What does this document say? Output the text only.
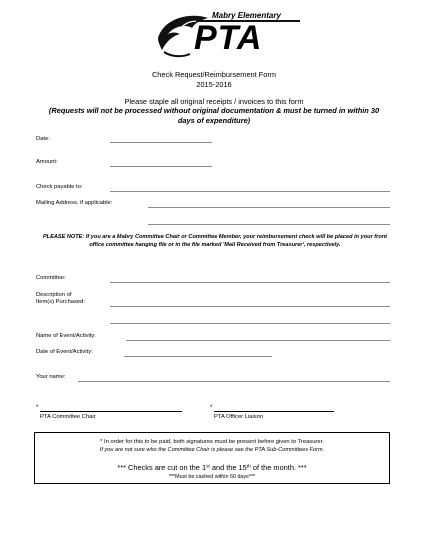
Mabry Elementary
PTA
Check Request/Reimbursement Form
2015-2016
Please staple all original receipts / invoices to this form
(Requests will not be processed without original documentation & must be turned in within 30 days of expenditure)
Date:
Amount:
Check payable to:
Mailing Address, if applicable:
PLEASE NOTE: If you are a Mabry Committee Chair or Committee Member, your reimbursement check will be placed in your front office committee hanging file or in the file marked 'Mail Received from Treasurer', respectively.
Committee:
Description of
Item(s) Purchased:
Name of Event/Activity:
Date of Event/Activity:
Your name:
*
PTA Committee Chair
*
PTA Officer Liaison
* In order for this to be paid, both signatures must be present before given to Treasurer.
If you are not sure who the Committee Chair is please see the PTA Sub-Committees Form.
*** Checks are cut on the 1st and the 15th of the month. ***
***Must be cashed within 60 days***
